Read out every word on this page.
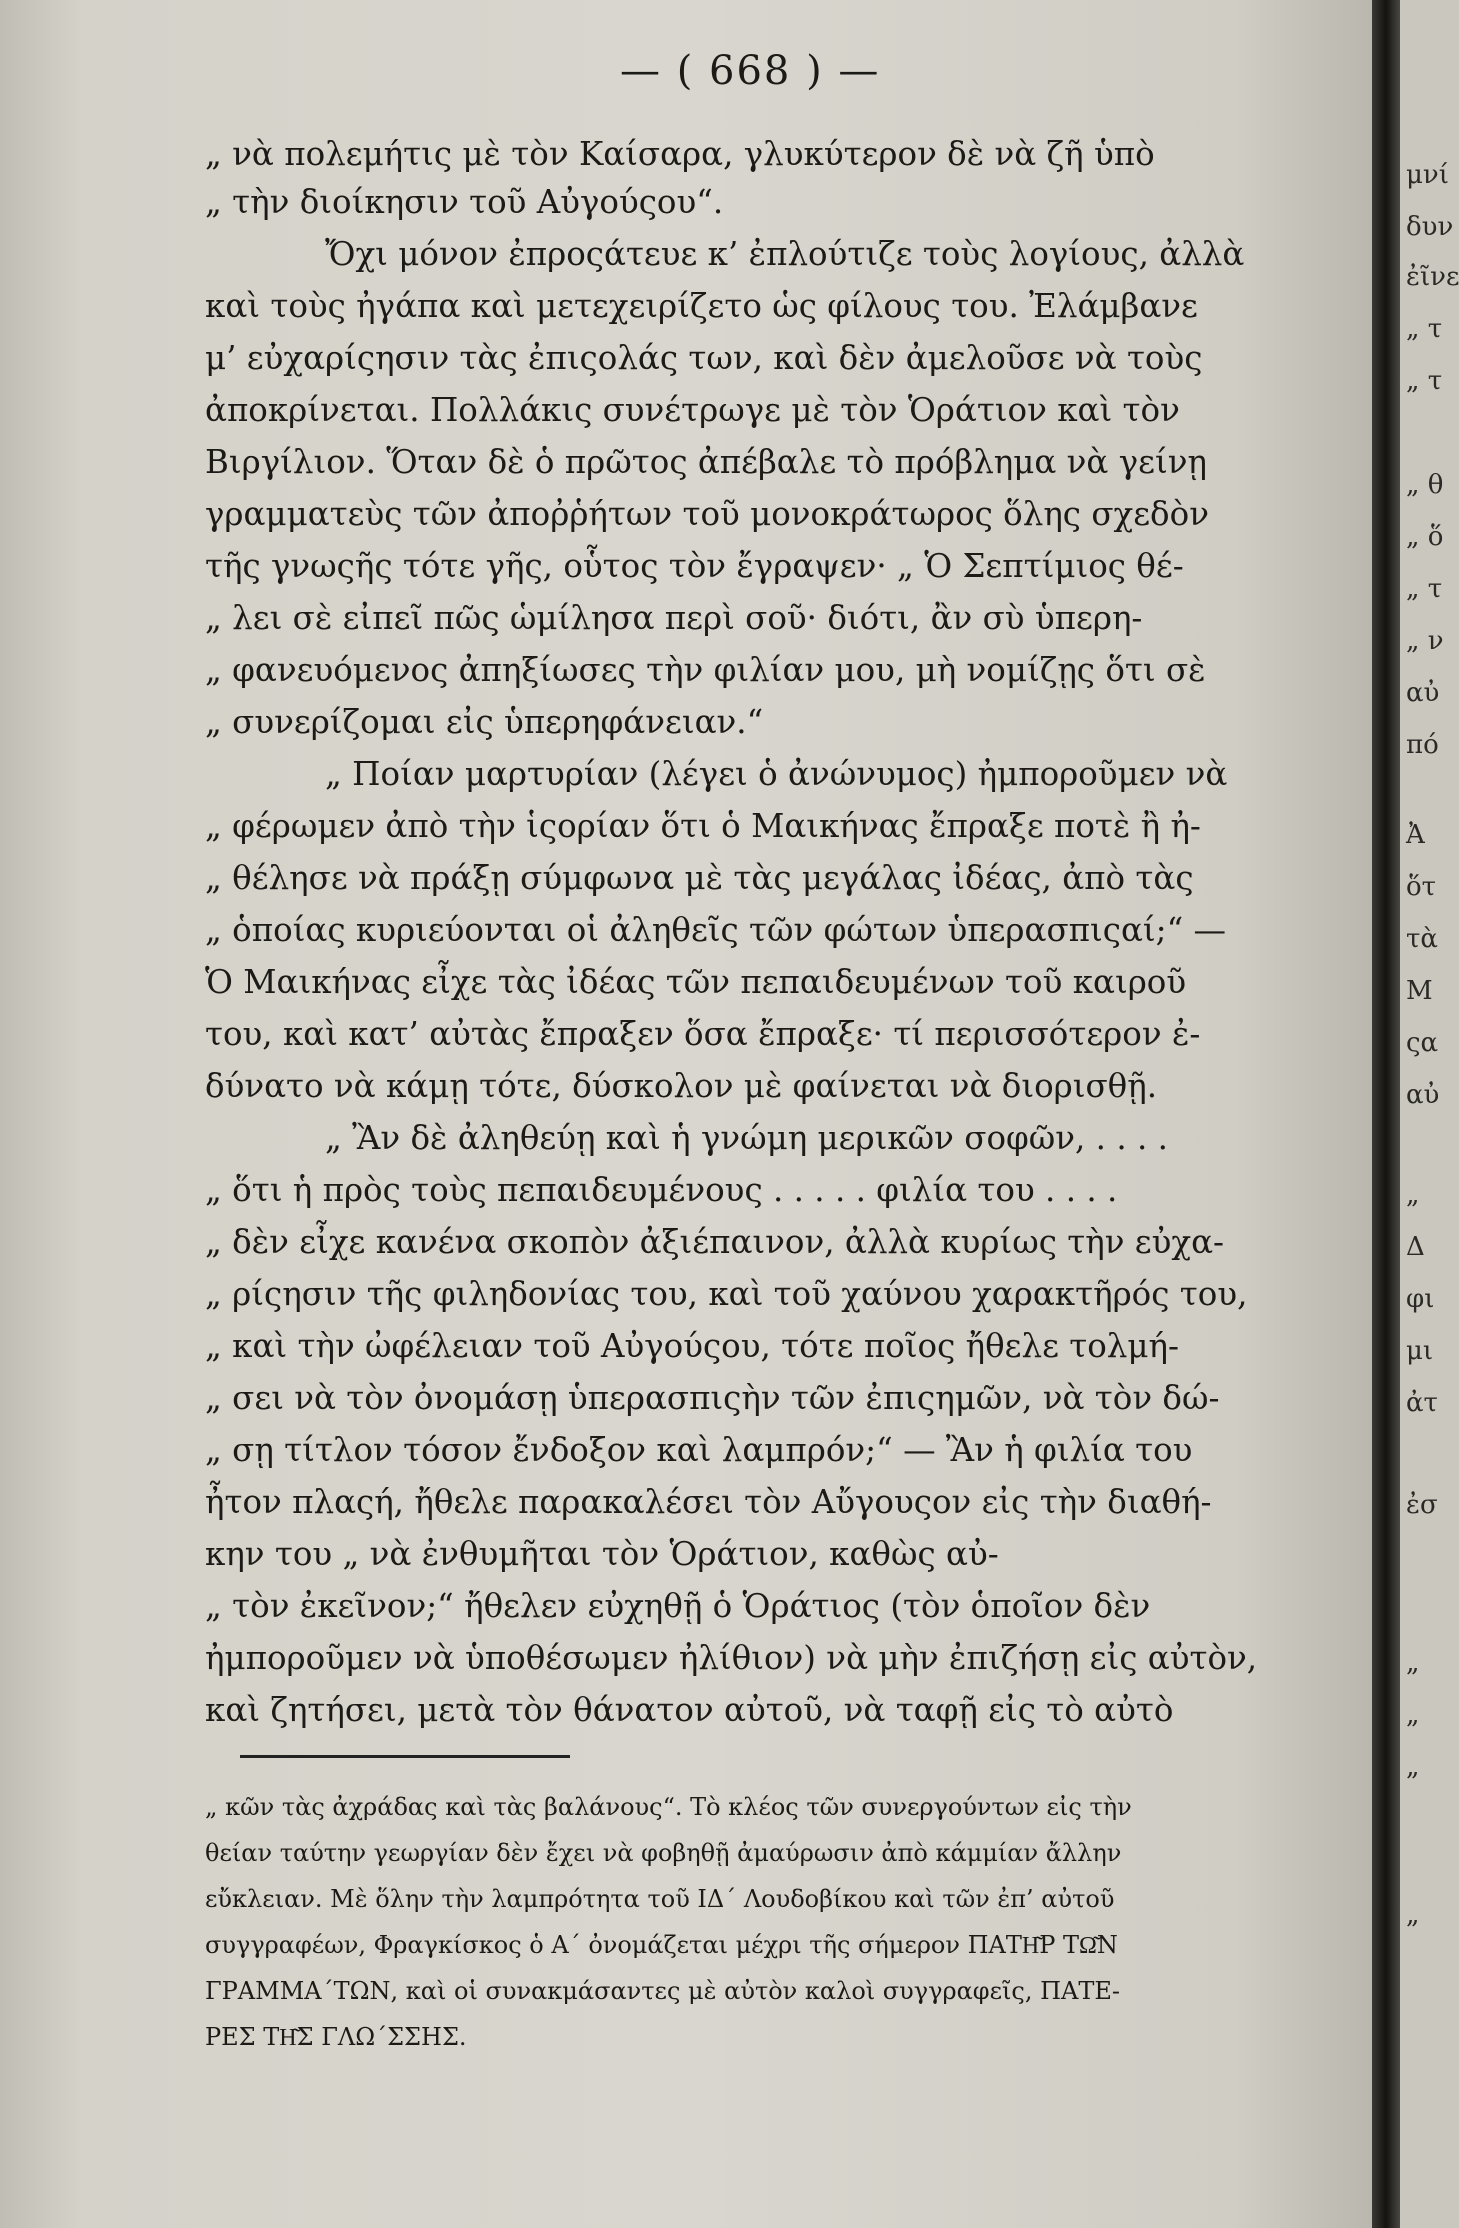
— ( 668 ) —
„ νὰ πολεμήτις μὲ τὸν Καίσαρα, γλυκύτερον δὲ νὰ ζῆ ὑπὸ
„ τὴν διοίκησιν τοῦ Αὐγούςου“.
Ὄχι μόνον ἐπροςάτευε κ’ ἐπλούτιζε τοὺς λογίους, ἀλλὰ
καὶ τοὺς ἠγάπα καὶ μετεχειρίζετο ὡς φίλους του. Ἐλάμβανε
μ’ εὐχαρίςησιν τὰς ἐπιςολάς των, καὶ δὲν ἀμελοῦσε νὰ τοὺς
ἀποκρίνεται. Πολλάκις συνέτρωγε μὲ τὸν Ὁράτιον καὶ τὸν
Βιργίλιον. Ὅταν δὲ ὁ πρῶτος ἀπέβαλε τὸ πρόβλημα νὰ γείνῃ
γραμματεὺς τῶν ἀποῤῥήτων τοῦ μονοκράτωρος ὅλης σχεδὸν
τῆς γνωςῆς τότε γῆς, οὗτος τὸν ἔγραψεν· „ Ὁ Σεπτίμιος θέ-
„ λει σὲ εἰπεῖ πῶς ὡμίλησα περὶ σοῦ· διότι, ἂν σὺ ὑπερη-
„ φανευόμενος ἀπηξίωσες τὴν φιλίαν μου, μὴ νομίζῃς ὅτι σὲ
„ συνερίζομαι εἰς ὑπερηφάνειαν.“
„ Ποίαν μαρτυρίαν (λέγει ὁ ἀνώνυμος) ἠμποροῦμεν νὰ
„ φέρωμεν ἀπὸ τὴν ἱςορίαν ὅτι ὁ Μαικήνας ἔπραξε ποτὲ ἢ ἠ-
„ θέλησε νὰ πράξῃ σύμφωνα μὲ τὰς μεγάλας ἰδέας, ἀπὸ τὰς
„ ὁποίας κυριεύονται οἱ ἀληθεῖς τῶν φώτων ὑπερασπιςαί;“ —
Ὁ Μαικήνας εἶχε τὰς ἰδέας τῶν πεπαιδευμένων τοῦ καιροῦ
του, καὶ κατ’ αὐτὰς ἔπραξεν ὅσα ἔπραξε· τί περισσότερον ἐ-
δύνατο νὰ κάμῃ τότε, δύσκολον μὲ φαίνεται νὰ διορισθῇ.
„ Ἂν δὲ ἀληθεύῃ καὶ ἡ γνώμη μερικῶν σοφῶν, . . . .
„ ὅτι ἡ πρὸς τοὺς πεπαιδευμένους . . . . . φιλία του . . . .
„ δὲν εἶχε κανένα σκοπὸν ἀξιέπαινον, ἀλλὰ κυρίως τὴν εὐχα-
„ ρίςησιν τῆς φιληδονίας του, καὶ τοῦ χαύνου χαρακτῆρός του,
„ καὶ τὴν ὠφέλειαν τοῦ Αὐγούςου, τότε ποῖος ἤθελε τολμή-
„ σει νὰ τὸν ὀνομάσῃ ὑπερασπιςὴν τῶν ἐπιςημῶν, νὰ τὸν δώ-
„ σῃ τίτλον τόσον ἔνδοξον καὶ λαμπρόν;“ — Ἂν ἡ φιλία του
ἦτον πλαςή, ἤθελε παρακαλέσει τὸν Αὔγουςον εἰς τὴν διαθή-
κην του „ νὰ ἐνθυμῆται τὸν Ὁράτιον, καθὼς αὐ-
„ τὸν ἐκεῖνον;“ ἤθελεν εὐχηθῇ ὁ Ὁράτιος (τὸν ὁποῖον δὲν
ἠμποροῦμεν νὰ ὑποθέσωμεν ἠλίθιον) νὰ μὴν ἐπιζήσῃ εἰς αὐτὸν,
καὶ ζητήσει, μετὰ τὸν θάνατον αὐτοῦ, νὰ ταφῇ εἰς τὸ αὐτὸ
„ κῶν τὰς ἀχράδας καὶ τὰς βαλάνους“. Τὸ κλέος τῶν συνεργούντων εἰς τὴν
θείαν ταύτην γεωργίαν δὲν ἔχει νὰ φοβηθῇ ἀμαύρωσιν ἀπὸ κάμμίαν ἄλλην
εὔκλειαν. Μὲ ὅλην τὴν λαμπρότητα τοῦ ΙΔ΄ Λουδοβίκου καὶ τῶν ἐπ’ αὐτοῦ
συγγραφέων, Φραγκίσκος ὁ Α΄ ὀνομάζεται μέχρι τῆς σήμερον ΠΑΤΗ͂Ρ ΤΩ͂Ν
ΓΡΑΜΜΑ΄ΤΩΝ, καὶ οἱ συνακμάσαντες μὲ αὐτὸν καλοὶ συγγραφεῖς, ΠΑΤΕ-
ΡΕΣ ΤΗ͂Σ ΓΛΩ΄ΣΣΗΣ.
μνί
δυν
ἐῖνε
„ τ
„ τ
„ θ
„ ὅ
„ τ
„ ν
αὐ
πό
Ἀ
ὅτ
τὰ
Μ
ςα
αὐ
„
Δ
φι
μι
ἀτ
ἐσ
„
„
„
„
